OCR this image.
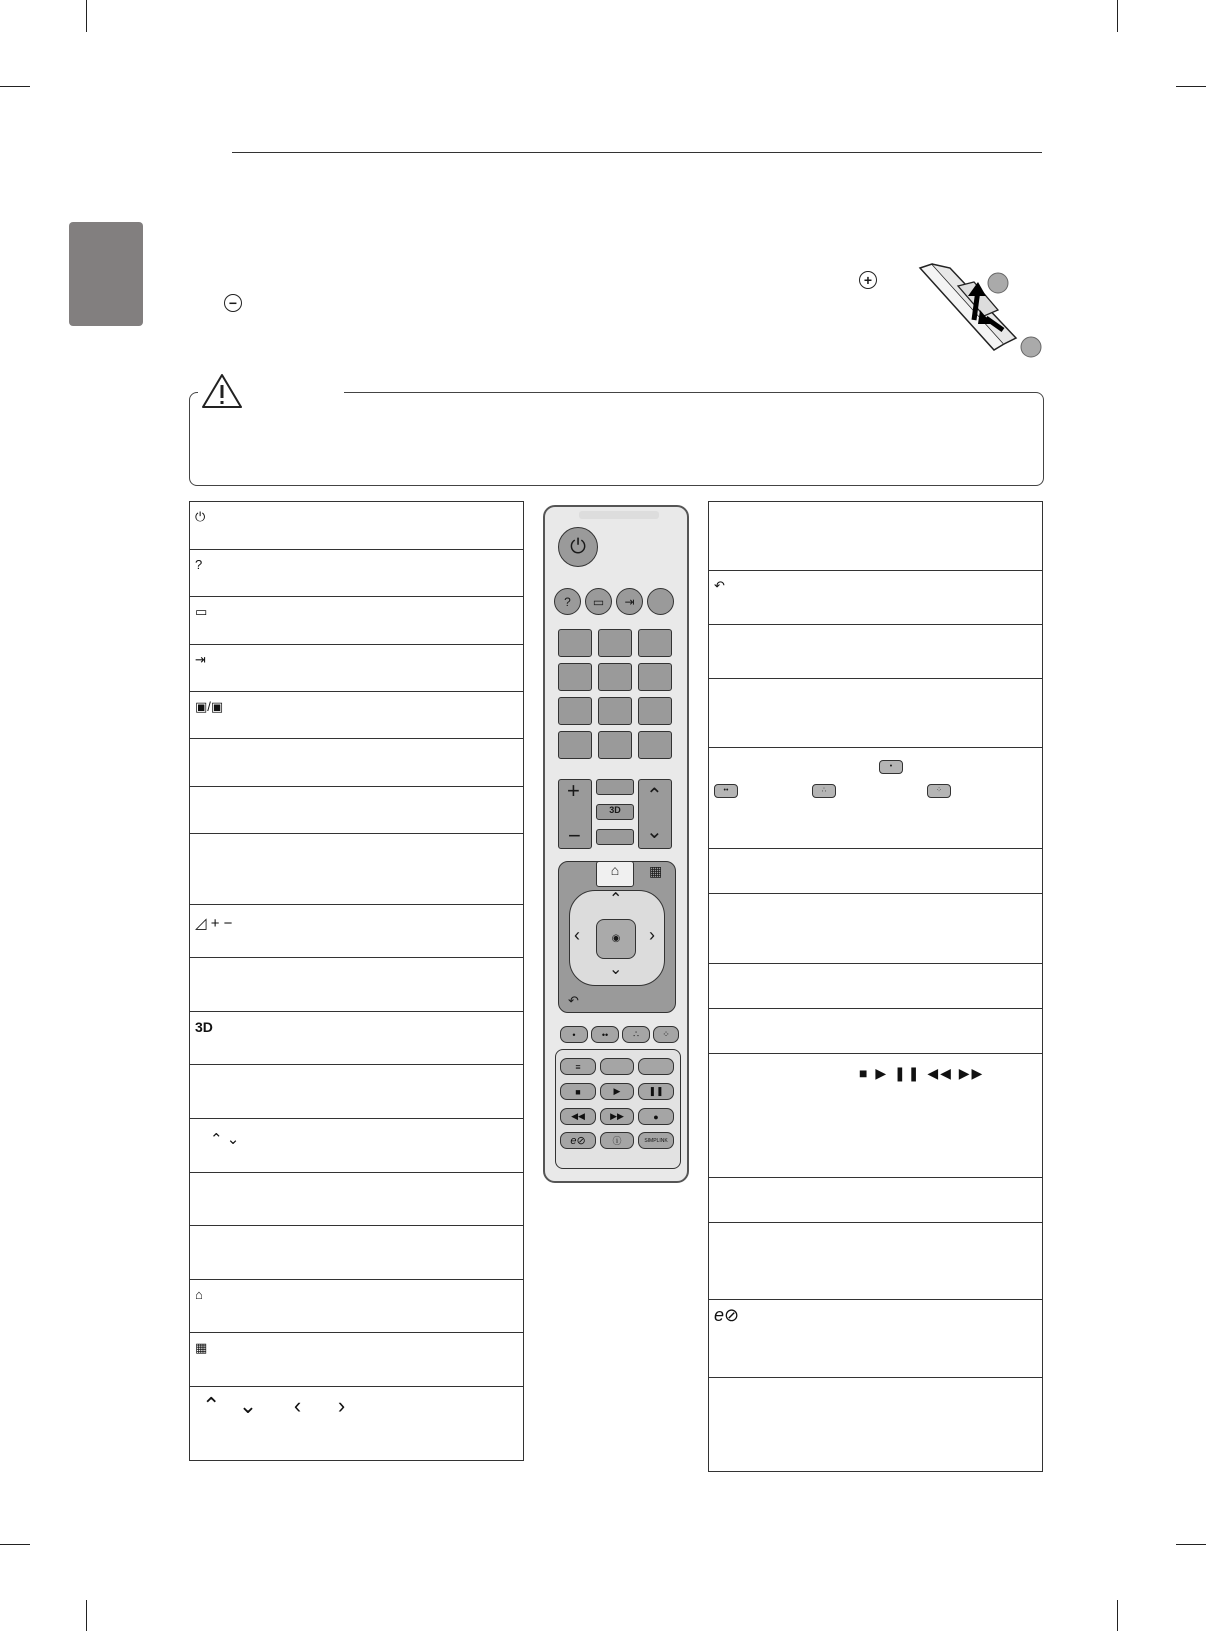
+
−
⏻
?
▭
⇥
▣/▣
◿ + −
3D
⌃ ⌄
⌂
▦
⌃   ⌄      ‹      ›
↶
•
••	∴	⁘
■ ▶ ❚❚ ◀◀ ▶▶
e⊘
⏻
?	▭	⇥
+
−
3D
⌃
⌄
⌂	▦
◉
⌃
⌄
‹	›
↶
•	••	∴	⁘
≡
■	▶	❚❚
◀◀	▶▶	●
e⊘	ⓘ	SIMPLINK
